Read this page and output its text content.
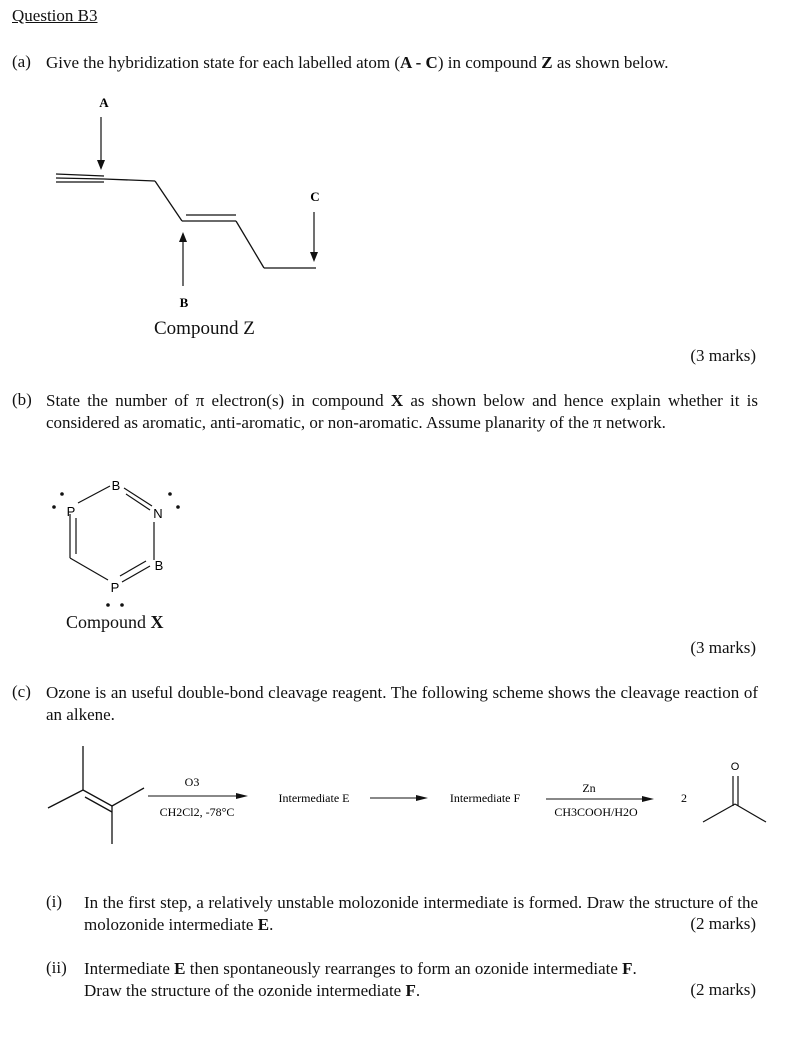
Question B3
(a) Give the hybridization state for each labelled atom (A - C) in compound Z as shown below.
A
C
B
Compound Z
(3 marks)
(b) State the number of π electron(s) in compound X as shown below and hence explain whether it is considered as aromatic, anti-aromatic, or non-aromatic. Assume planarity of the π network.
B
N
B
P
P
Compound X
(3 marks)
(c) Ozone is an useful double-bond cleavage reagent. The following scheme shows the cleavage reaction of an alkene.
O3
CH2Cl2, -78°C
Intermediate E	Intermediate F
Zn
CH3COOH/H2O
2
O
(i) In the first step, a relatively unstable molozonide intermediate is formed. Draw the structure of the molozonide intermediate E.	(2 marks)
(ii) Intermediate E then spontaneously rearranges to form an ozonide intermediate F.
Draw the structure of the ozonide intermediate F.	(2 marks)
